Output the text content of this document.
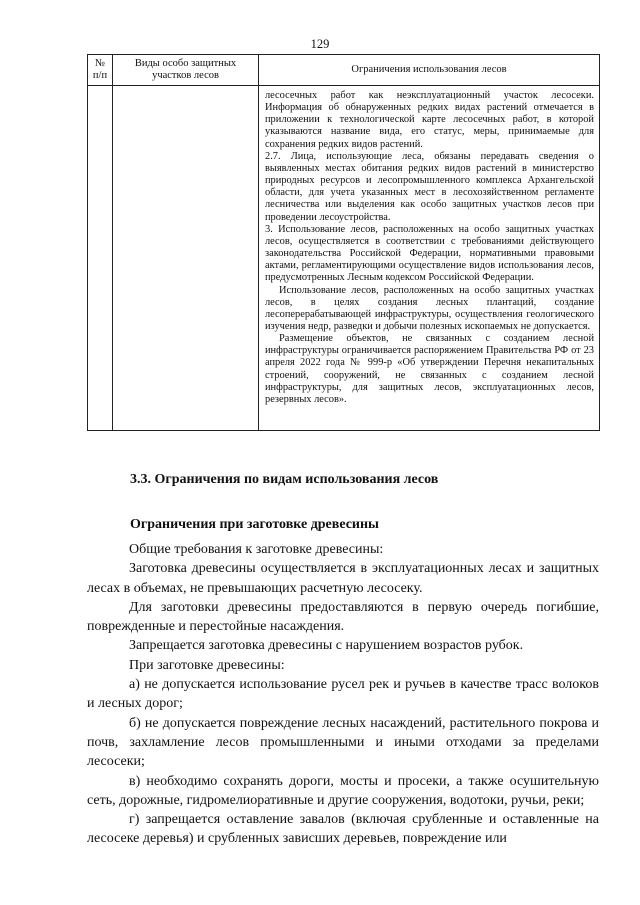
129
№ п/п	Виды особо защитных участков лесов	Ограничения использования лесов

		лесосечных работ как неэксплуатационный участок лесосеки. Информация об обнаруженных редких видах растений отмечается в приложении к технологической карте лесосечных работ, в которой указываются название вида, его статус, меры, принимаемые для сохранения редких видов растений.

2.7. Лица, использующие леса, обязаны передавать сведения о выявленных местах обитания редких видов растений в министерство природных ресурсов и лесопромышленного комплекса Архангельской области, для учета указанных мест в лесохозяйственном регламенте лесничества или выделения как особо защитных участков лесов при проведении лесоустройства.

3. Использование лесов, расположенных на особо защитных участках лесов, осуществляется в соответствии с требованиями действующего законодательства Российской Федерации, нормативными правовыми актами, регламентирующими осуществление видов использования лесов, предусмотренных Лесным кодексом Российской Федерации.

Использование лесов, расположенных на особо защитных участках лесов, в целях создания лесных плантаций, создание лесоперерабатывающей инфраструктуры, осуществления геологического изучения недр, разведки и добычи полезных ископаемых не допускается.

Размещение объектов, не связанных с созданием лесной инфраструктуры ограничивается распоряжением Правительства РФ от 23 апреля 2022 года № 999-р «Об утверждении Перечня некапитальных строений, сооружений, не связанных с созданием лесной инфраструктуры, для защитных лесов, эксплуатационных лесов, резервных лесов».

3.3. Ограничения по видам использования лесов
Ограничения при заготовке древесины

Общие требования к заготовке древесины:

Заготовка древесины осуществляется в эксплуатационных лесах и защитных лесах в объемах, не превышающих расчетную лесосеку.

Для заготовки древесины предоставляются в первую очередь погибшие, поврежденные и перестойные насаждения.

Запрещается заготовка древесины с нарушением возрастов рубок.

При заготовке древесины:

а) не допускается использование русел рек и ручьев в качестве трасс волоков и лесных дорог;

б) не допускается повреждение лесных насаждений, растительного покрова и почв, захламление лесов промышленными и иными отходами за пределами лесосеки;

в) необходимо сохранять дороги, мосты и просеки, а также осушительную сеть, дорожные, гидромелиоративные и другие сооружения, водотоки, ручьи, реки;

г) запрещается оставление завалов (включая срубленные и оставленные на лесосеке деревья) и срубленных зависших деревьев, повреждение или
